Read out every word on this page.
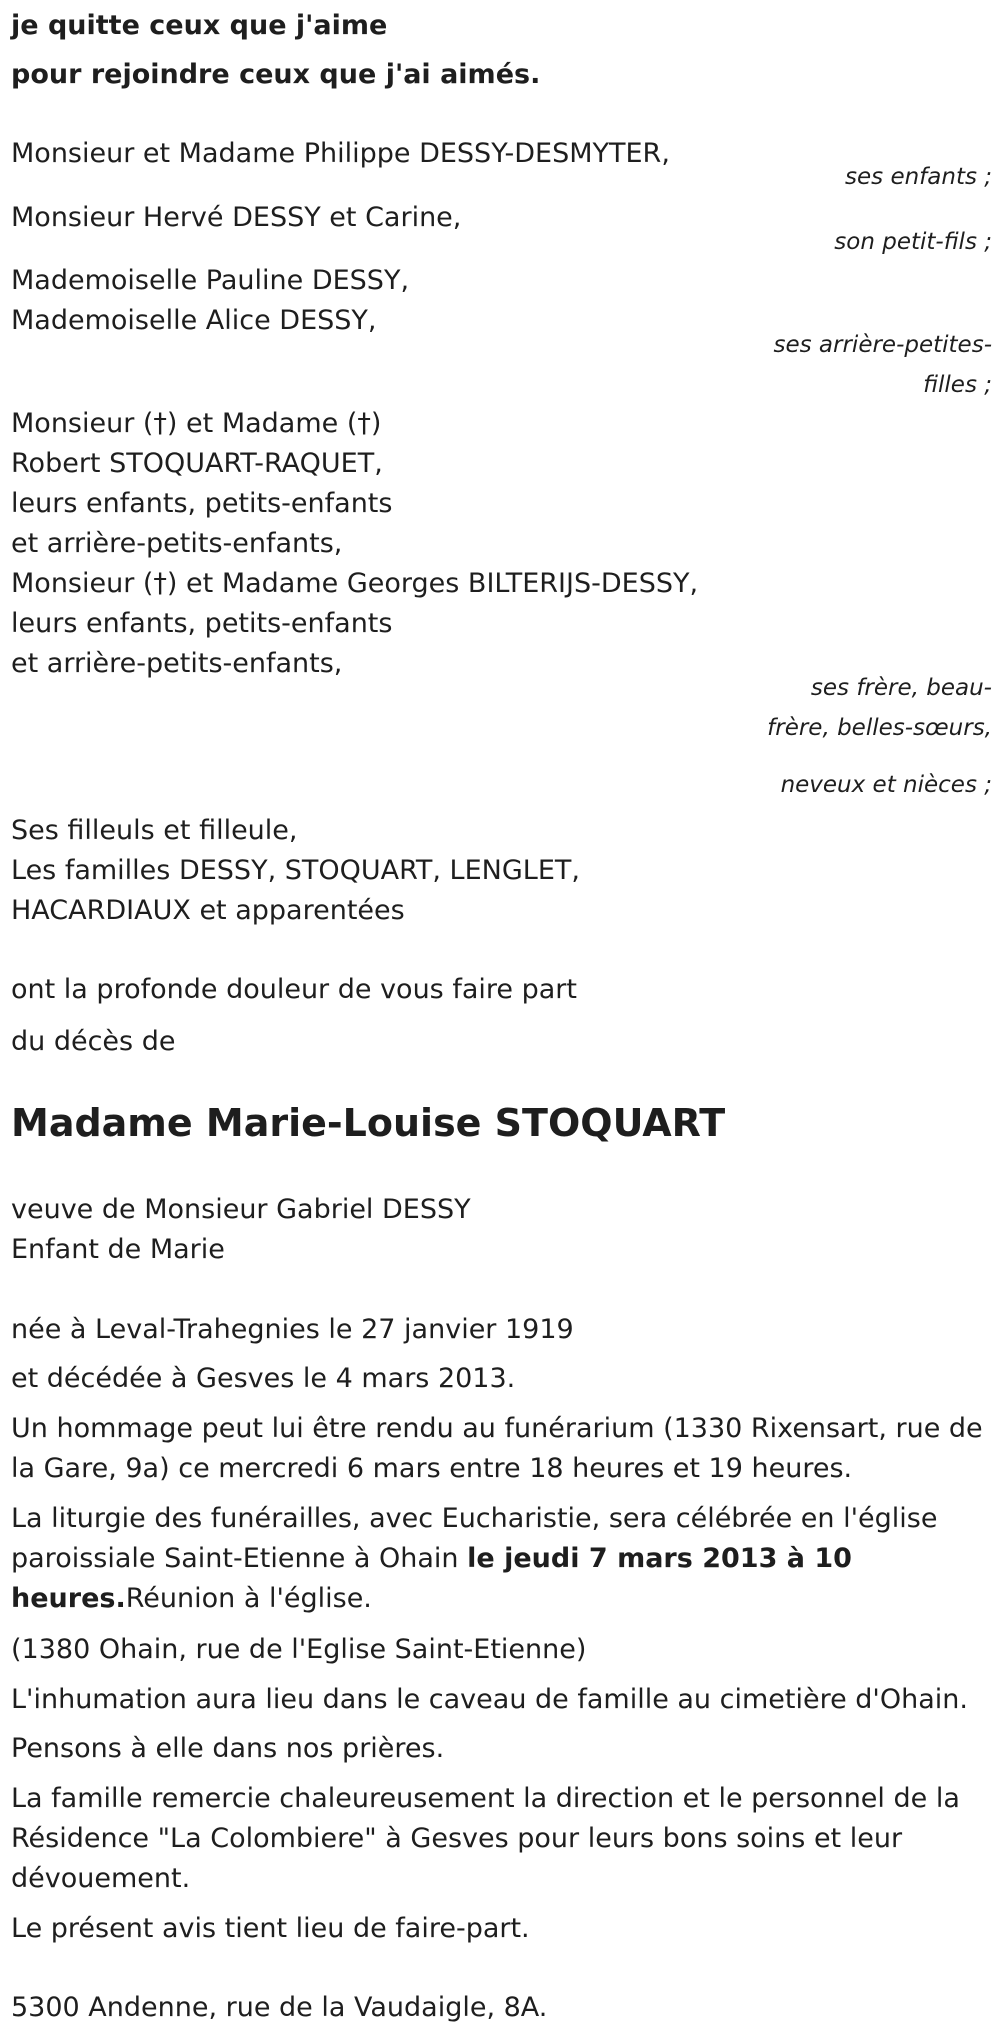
je quitte ceux que j'aime
pour rejoindre ceux que j'ai aimés.
Monsieur et Madame Philippe DESSY-DESMYTER,
ses enfants ;
Monsieur Hervé DESSY et Carine,
son petit-fils ;
Mademoiselle Pauline DESSY,
Mademoiselle Alice DESSY,
ses arrière-petites-filles ;
Monsieur (†) et Madame (†)
Robert STOQUART-RAQUET,
leurs enfants, petits-enfants
et arrière-petits-enfants,
Monsieur (†) et Madame Georges BILTERIJS-DESSY,
leurs enfants, petits-enfants
et arrière-petits-enfants,
ses frère, beau-frère, belles-sœurs,
neveux et nièces ;
Ses filleuls et filleule,
Les familles DESSY, STOQUART, LENGLET,
HACARDIAUX et apparentées
ont la profonde douleur de vous faire part
du décès de
Madame Marie-Louise STOQUART
veuve de Monsieur Gabriel DESSY
Enfant de Marie
née à Leval-Trahegnies le 27 janvier 1919
et décédée à Gesves le 4 mars 2013.
Un hommage peut lui être rendu au funérarium (1330 Rixensart, rue de
la Gare, 9a) ce mercredi 6 mars entre 18 heures et 19 heures.
La liturgie des funérailles, avec Eucharistie, sera célébrée en l'église
paroissiale Saint-Etienne à Ohain le jeudi 7 mars 2013 à 10
heures.Réunion à l'église.
(1380 Ohain, rue de l'Eglise Saint-Etienne)
L'inhumation aura lieu dans le caveau de famille au cimetière d'Ohain.
Pensons à elle dans nos prières.
La famille remercie chaleureusement la direction et le personnel de la
Résidence "La Colombiere" à Gesves pour leurs bons soins et leur
dévouement.
Le présent avis tient lieu de faire-part.
5300 Andenne, rue de la Vaudaigle, 8A.
